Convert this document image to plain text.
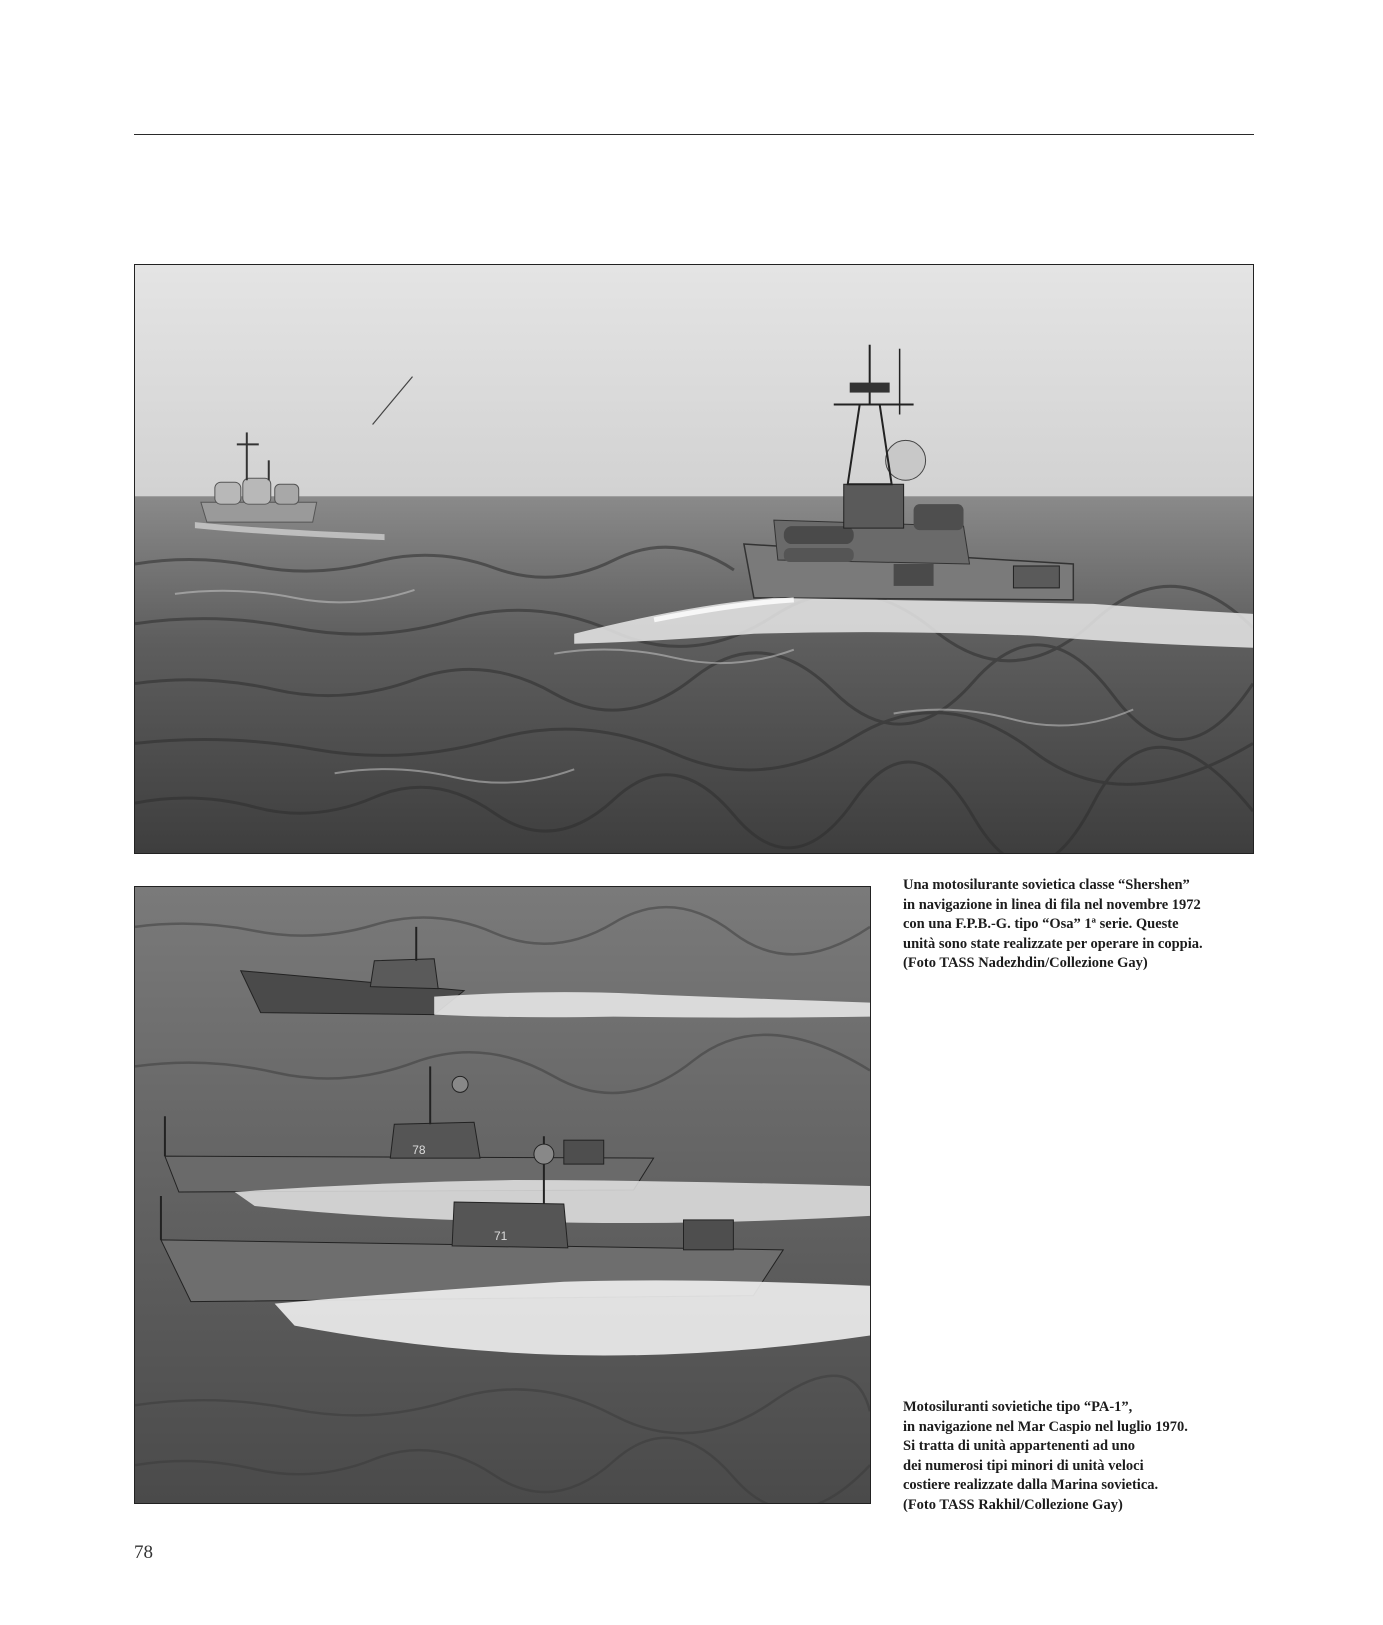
Una motosilurante sovietica classe “Shershen”
in navigazione in linea di fila nel novembre 1972
con una F.P.B.-G. tipo “Osa” 1ª serie. Queste
unità sono state realizzate per operare in coppia.
(Foto TASS Nadezhdin/Collezione Gay)
78
71
Motosiluranti sovietiche tipo “PA-1”,
in navigazione nel Mar Caspio nel luglio 1970.
Si tratta di unità appartenenti ad uno
dei numerosi tipi minori di unità veloci
costiere realizzate dalla Marina sovietica.
(Foto TASS Rakhil/Collezione Gay)
78
